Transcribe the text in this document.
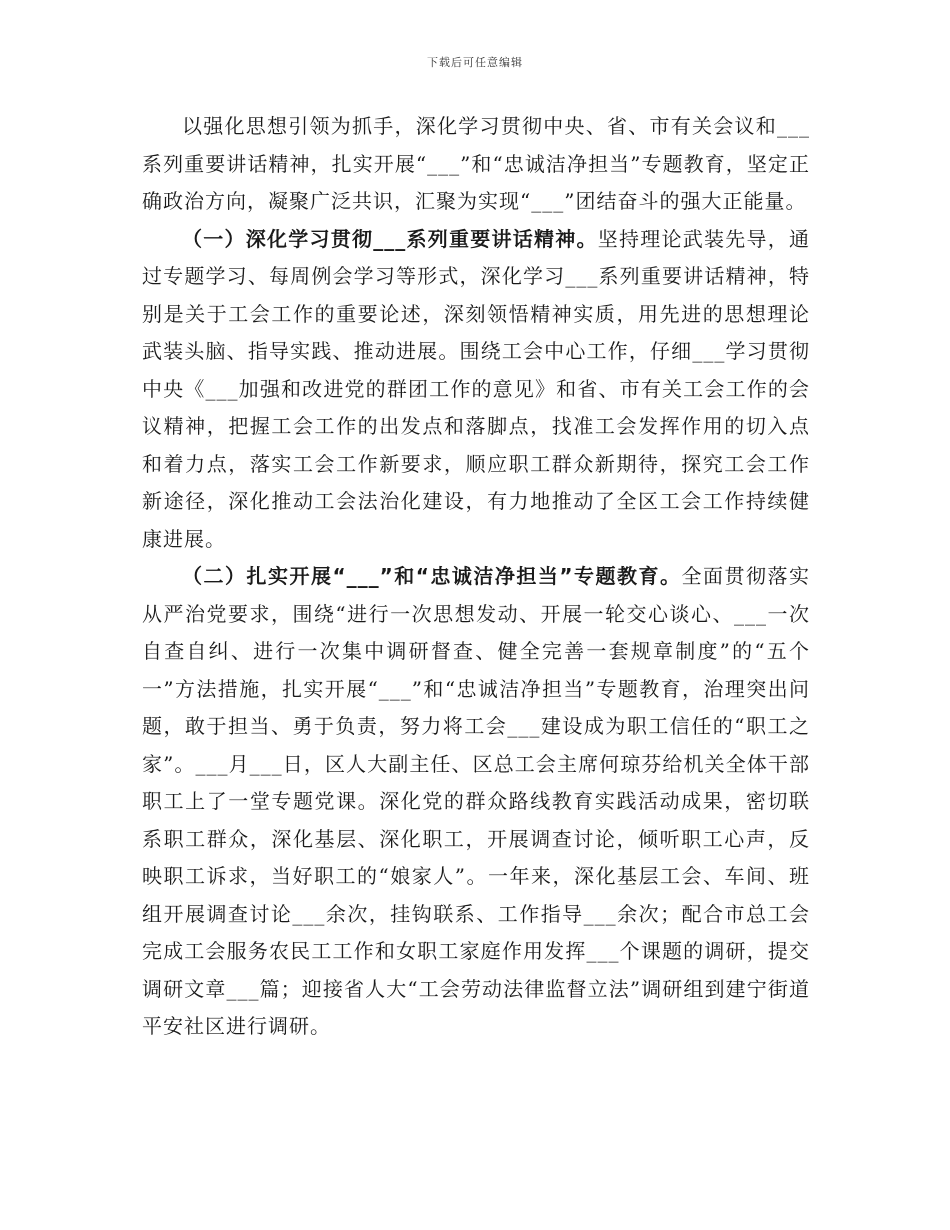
下载后可任意编辑

以强化思想引领为抓手，深化学习贯彻中央、省、市有关会议和___系列重要讲话精神，扎实开展“___”和“忠诚洁净担当”专题教育，坚定正确政治方向，凝聚广泛共识，汇聚为实现“___”团结奋斗的强大正能量。

（一）深化学习贯彻___系列重要讲话精神。坚持理论武装先导，通过专题学习、每周例会学习等形式，深化学习___系列重要讲话精神，特别是关于工会工作的重要论述，深刻领悟精神实质，用先进的思想理论武装头脑、指导实践、推动进展。围绕工会中心工作，仔细___学习贯彻中央《___加强和改进党的群团工作的意见》和省、市有关工会工作的会议精神，把握工会工作的出发点和落脚点，找准工会发挥作用的切入点和着力点，落实工会工作新要求，顺应职工群众新期待，探究工会工作新途径，深化推动工会法治化建设，有力地推动了全区工会工作持续健康进展。

（二）扎实开展“___”和“忠诚洁净担当”专题教育。全面贯彻落实从严治党要求，围绕“进行一次思想发动、开展一轮交心谈心、___一次自查自纠、进行一次集中调研督查、健全完善一套规章制度”的“五个一”方法措施，扎实开展“___”和“忠诚洁净担当”专题教育，治理突出问题，敢于担当、勇于负责，努力将工会___建设成为职工信任的“职工之家”。___月___日，区人大副主任、区总工会主席何琼芬给机关全体干部职工上了一堂专题党课。深化党的群众路线教育实践活动成果，密切联系职工群众，深化基层、深化职工，开展调查讨论，倾听职工心声，反映职工诉求，当好职工的“娘家人”。一年来，深化基层工会、车间、班组开展调查讨论___余次，挂钩联系、工作指导___余次；配合市总工会完成工会服务农民工工作和女职工家庭作用发挥___个课题的调研，提交调研文章___篇；迎接省人大“工会劳动法律监督立法”调研组到建宁街道平安社区进行调研。
